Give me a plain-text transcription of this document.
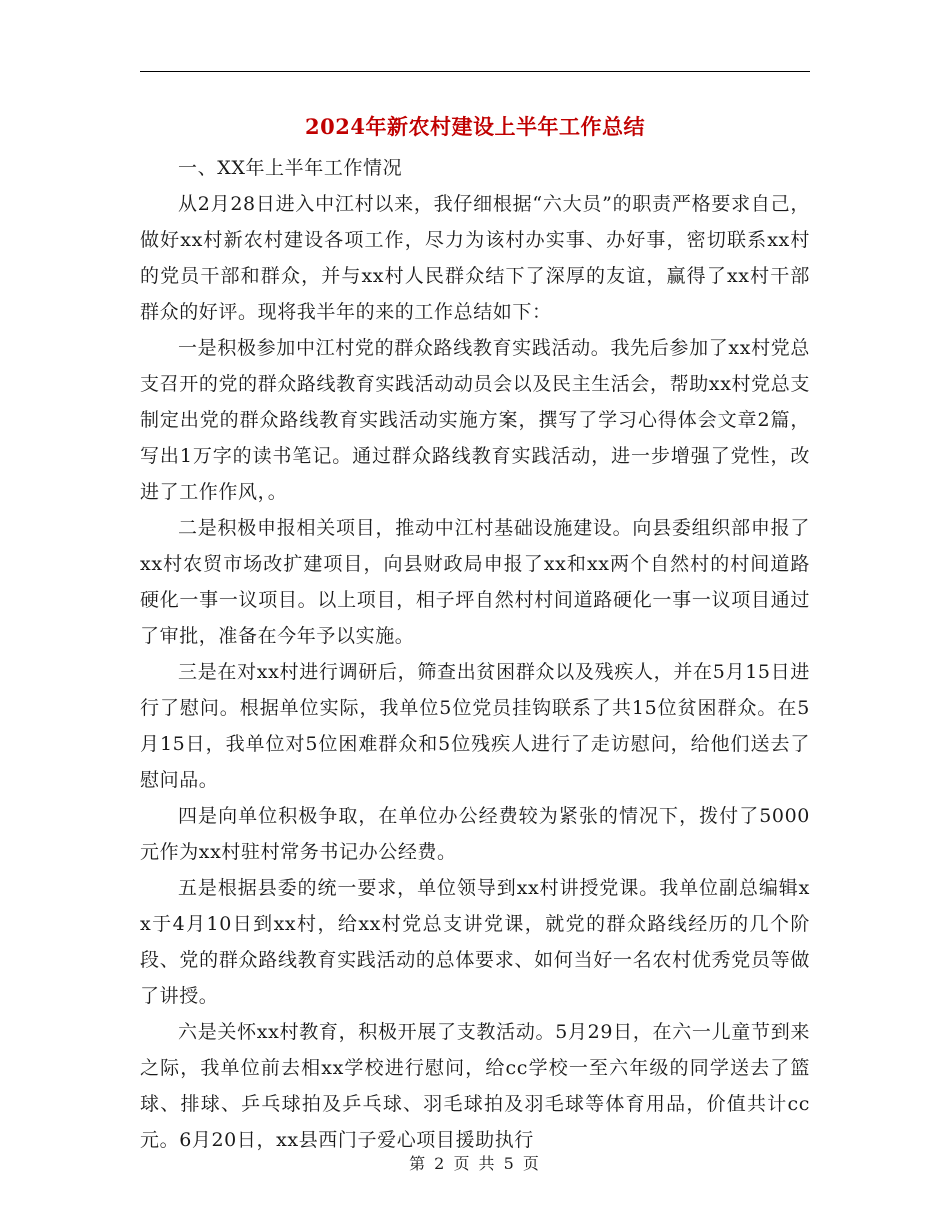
2024年新农村建设上半年工作总结

一、XX年上半年工作情况

从2月28日进入中江村以来，我仔细根据“六大员”的职责严格要求自己，做好xx村新农村建设各项工作，尽力为该村办实事、办好事，密切联系xx村的党员干部和群众，并与xx村人民群众结下了深厚的友谊，赢得了xx村干部群众的好评。现将我半年的来的工作总结如下：

一是积极参加中江村党的群众路线教育实践活动。我先后参加了xx村党总支召开的党的群众路线教育实践活动动员会以及民主生活会，帮助xx村党总支制定出党的群众路线教育实践活动实施方案，撰写了学习心得体会文章2篇，写出1万字的读书笔记。通过群众路线教育实践活动，进一步增强了党性，改进了工作作风，。

二是积极申报相关项目，推动中江村基础设施建设。向县委组织部申报了xx村农贸市场改扩建项目，向县财政局申报了xx和xx两个自然村的村间道路硬化一事一议项目。以上项目，相子坪自然村村间道路硬化一事一议项目通过了审批，准备在今年予以实施。

三是在对xx村进行调研后，筛查出贫困群众以及残疾人，并在5月15日进行了慰问。根据单位实际，我单位5位党员挂钩联系了共15位贫困群众。在5月15日，我单位对5位困难群众和5位残疾人进行了走访慰问，给他们送去了慰问品。

四是向单位积极争取，在单位办公经费较为紧张的情况下，拨付了5000元作为xx村驻村常务书记办公经费。

五是根据县委的统一要求，单位领导到xx村讲授党课。我单位副总编辑xx于4月10日到xx村，给xx村党总支讲党课，就党的群众路线经历的几个阶段、党的群众路线教育实践活动的总体要求、如何当好一名农村优秀党员等做了讲授。

六是关怀xx村教育，积极开展了支教活动。5月29日，在六一儿童节到来之际，我单位前去相xx学校进行慰问，给cc学校一至六年级的同学送去了篮球、排球、乒乓球拍及乒乓球、羽毛球拍及羽毛球等体育用品，价值共计cc元。6月20日，xx县西门子爱心项目援助执行

第 2 页 共 5 页
